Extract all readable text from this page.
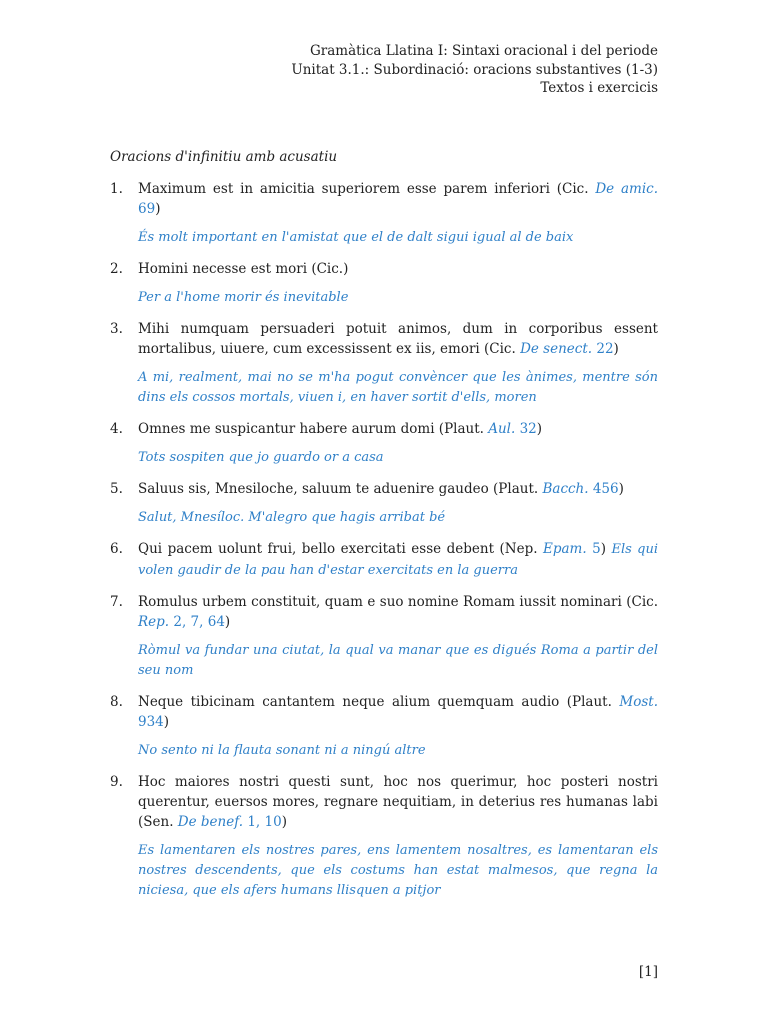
Gramàtica Llatina I: Sintaxi oracional i del periode
Unitat 3.1.: Subordinació: oracions substantives (1-3)
Textos i exercicis
Oracions d'infinitiu amb acusatiu
1. Maximum est in amicitia superiorem esse parem inferiori (Cic. De amic. 69)
És molt important en l'amistat que el de dalt sigui igual al de baix
2. Homini necesse est mori (Cic.)
Per a l'home morir és inevitable
3. Mihi numquam persuaderi potuit animos, dum in corporibus essent mortalibus, uiuere, cum excessissent ex iis, emori (Cic. De senect. 22)
A mi, realment, mai no se m'ha pogut convèncer que les ànimes, mentre són dins els cossos mortals, viuen i, en haver sortit d'ells, moren
4. Omnes me suspicantur habere aurum domi (Plaut. Aul. 32)
Tots sospiten que jo guardo or a casa
5. Saluus sis, Mnesiloche, saluum te aduenire gaudeo (Plaut. Bacch. 456)
Salut, Mnesíloc. M'alegro que hagis arribat bé
6. Qui pacem uolunt frui, bello exercitati esse debent (Nep. Epam. 5) Els qui volen gaudir de la pau han d'estar exercitats en la guerra
7. Romulus urbem constituit, quam e suo nomine Romam iussit nominari (Cic. Rep. 2, 7, 64)
Ròmul va fundar una ciutat, la qual va manar que es digués Roma a partir del seu nom
8. Neque tibicinam cantantem neque alium quemquam audio (Plaut. Most. 934)
No sento ni la flauta sonant ni a ningú altre
9. Hoc maiores nostri questi sunt, hoc nos querimur, hoc posteri nostri querentur, euersos mores, regnare nequitiam, in deterius res humanas labi (Sen. De benef. 1, 10)
Es lamentaren els nostres pares, ens lamentem nosaltres, es lamentaran els nostres descendents, que els costums han estat malmesos, que regna la niciesa, que els afers humans llisquen a pitjor
[1]
